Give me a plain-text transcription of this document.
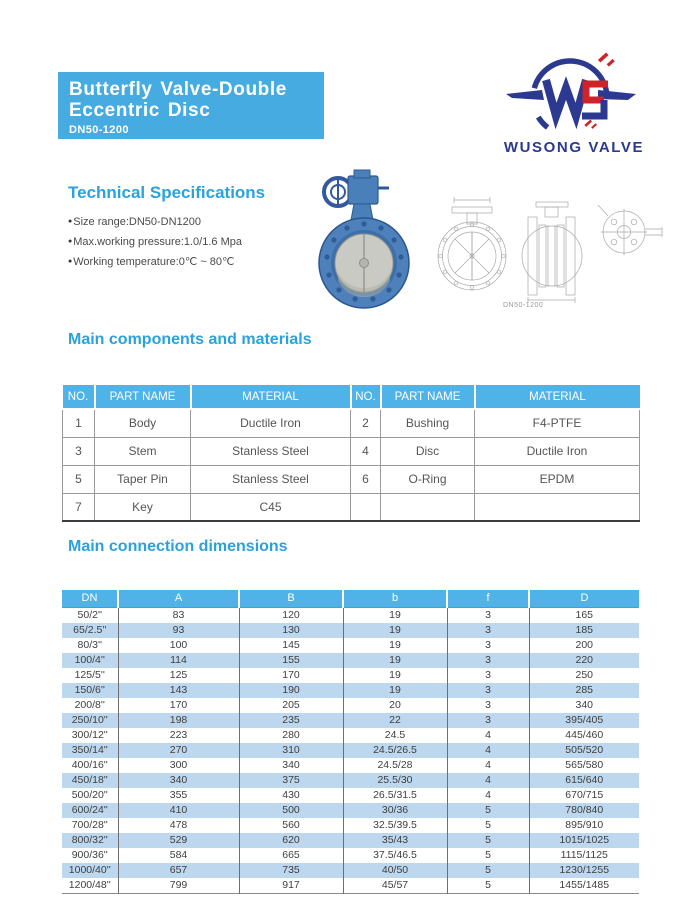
Butterfly Valve-Double
Eccentric Disc
DN50-1200
WUSONG VALVE
Technical Specifications
●Size range:DN50-DN1200
●Max.working pressure:1.0/1.6 Mpa
●Working temperature:0℃ ~ 80℃
DN50-1200
Main components and materials
NO.	PART NAME	MATERIAL	NO.	PART NAME	MATERIAL
1	Body	Ductile Iron	2	Bushing	F4-PTFE
3	Stem	Stanless Steel	4	Disc	Ductile Iron
5	Taper Pin	Stanless Steel	6	O-Ring	EPDM
7	Key	C45			
Main connection dimensions
DN	A	B	b	f	D
50/2''	83	120	19	3	165
65/2.5''	93	130	19	3	185
80/3''	100	145	19	3	200
100/4''	114	155	19	3	220
125/5''	125	170	19	3	250
150/6''	143	190	19	3	285
200/8''	170	205	20	3	340
250/10''	198	235	22	3	395/405
300/12''	223	280	24.5	4	445/460
350/14''	270	310	24.5/26.5	4	505/520
400/16''	300	340	24.5/28	4	565/580
450/18''	340	375	25.5/30	4	615/640
500/20''	355	430	26.5/31.5	4	670/715
600/24''	410	500	30/36	5	780/840
700/28''	478	560	32.5/39.5	5	895/910
800/32''	529	620	35/43	5	1015/1025
900/36''	584	665	37.5/46.5	5	1115/1125
1000/40''	657	735	40/50	5	1230/1255
1200/48''	799	917	45/57	5	1455/1485
